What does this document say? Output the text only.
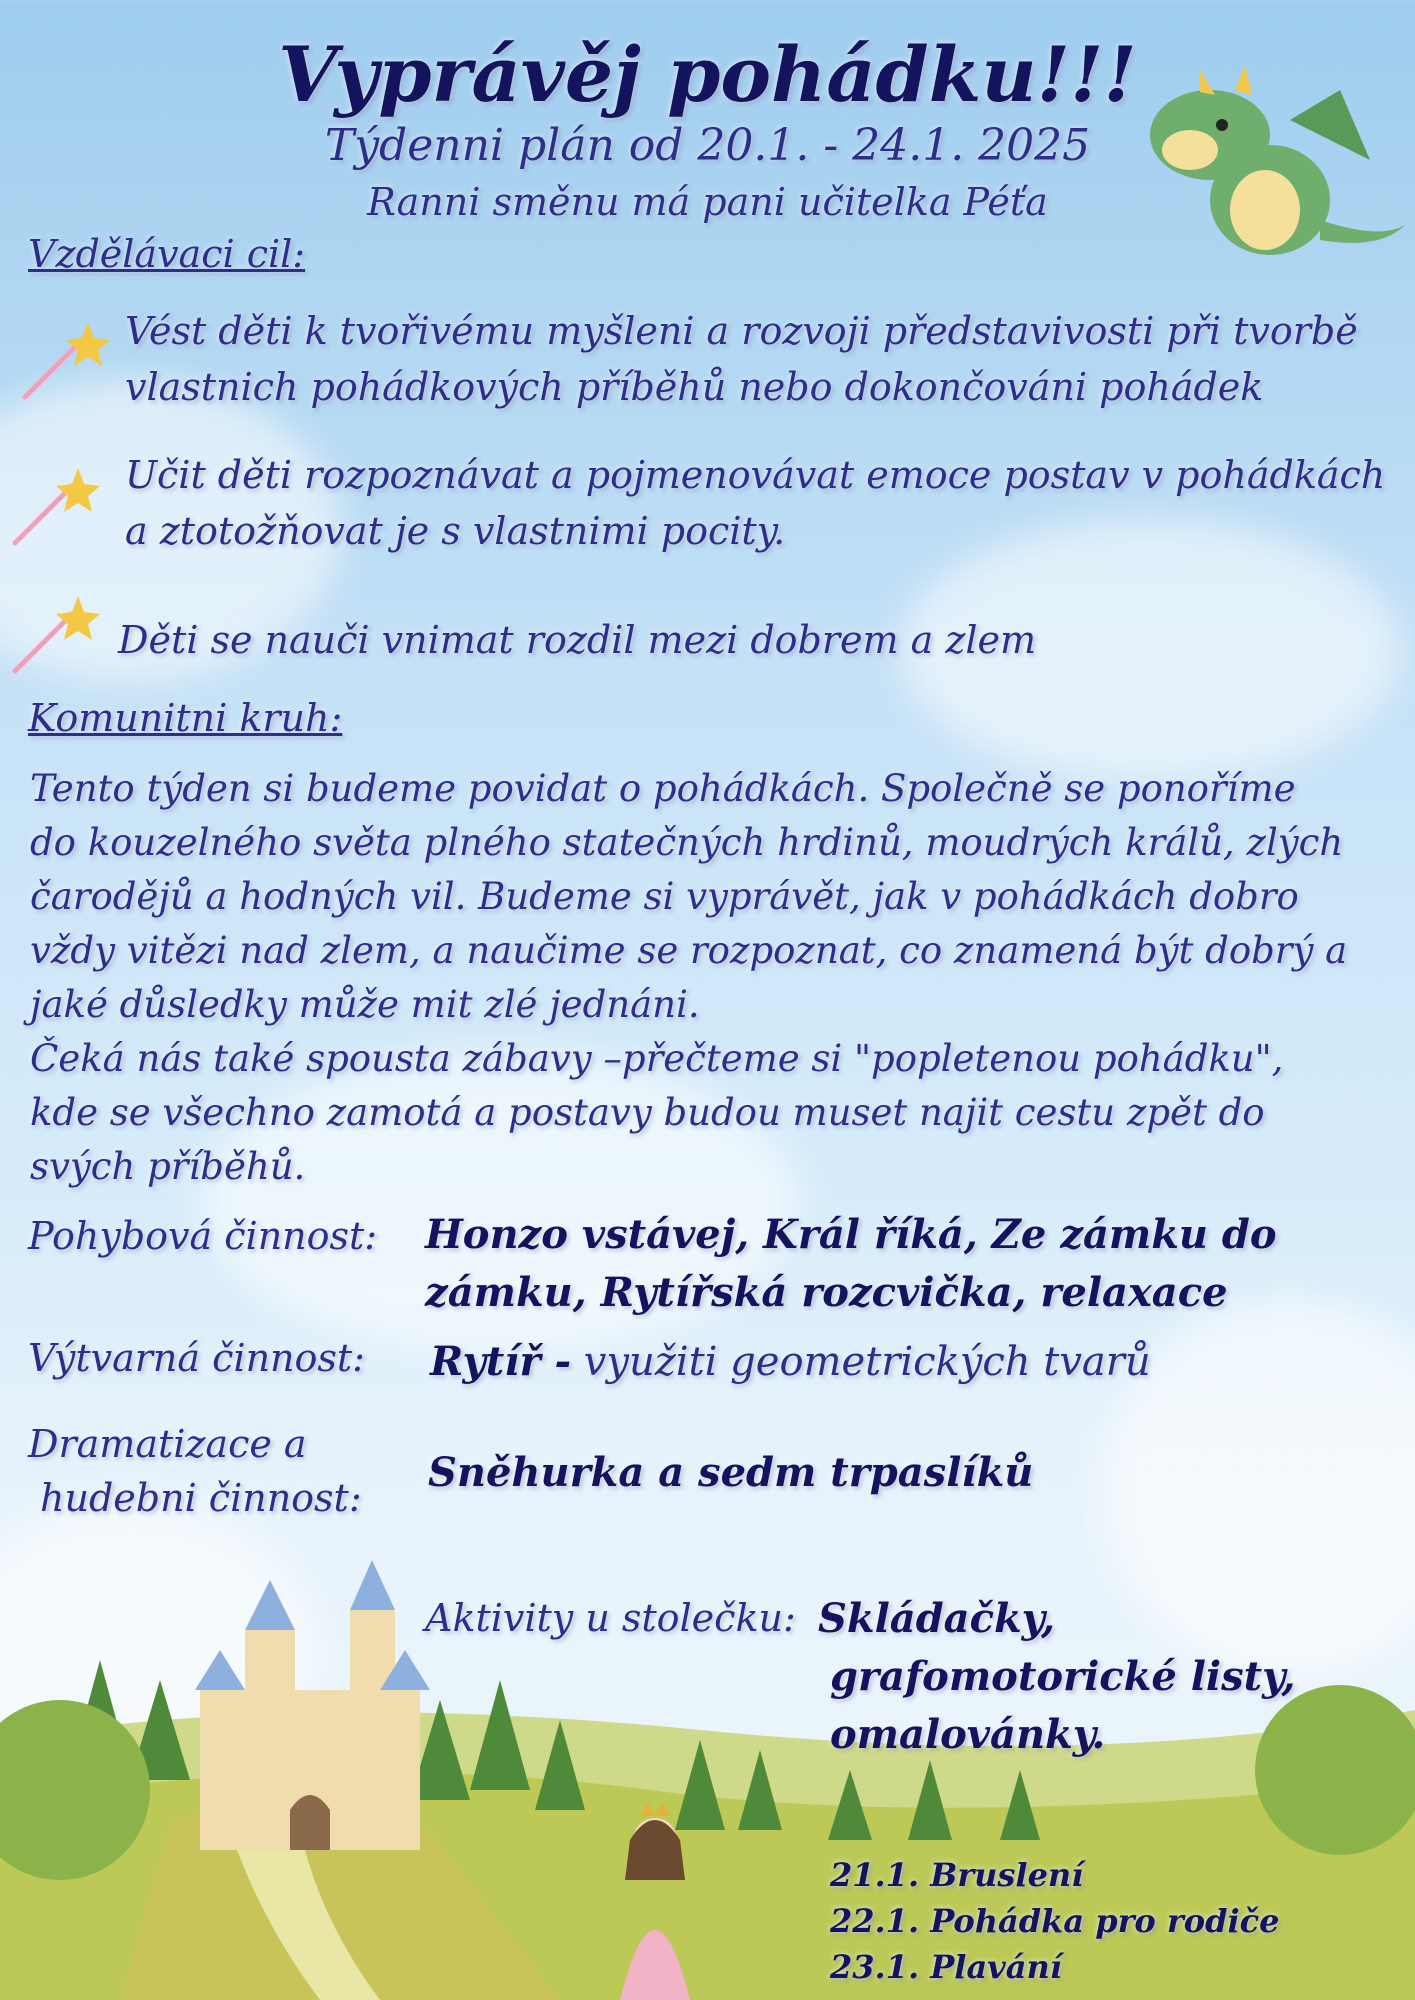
Vyprávěj pohádku!!!
Týdenni plán od 20.1. - 24.1. 2025
Ranni směnu má pani učitelka Péťa
Vzdělávaci cil:
Vést děti k tvořivému myšleni a rozvoji představivosti při tvorbě vlastnich pohádkových příběhů nebo dokončováni pohádek
Učit děti rozpoznávat a pojmenovávat emoce postav v pohádkách a ztotožňovat je s vlastnimi pocity.
Děti se nauči vnimat rozdil mezi dobrem a zlem
Komunitni kruh:

Tento týden si budeme povidat o pohádkách. Společně se ponoříme do kouzelného světa plného statečných hrdinů, moudrých králů, zlých čarodějů a hodných vil. Budeme si vyprávět, jak v pohádkách dobro vždy vitězi nad zlem, a naučime se rozpoznat, co znamená být dobrý a jaké důsledky může mit zlé jednáni.

Čeká nás také spousta zábavy –přečteme si "popletenou pohádku", kde se všechno zamotá a postavy budou muset najit cestu zpět do svých příběhů.

Pohybová činnost: Honzo vstávej, Král říká, Ze zámku do zámku, Rytířská rozcvička, relaxace
Výtvarná činnost: Rytíř - využiti geometrických tvarů
Dramatizace a
hudebni činnost:
Sněhurka a sedm trpaslíků
Aktivity u stolečku: Skládačky,
grafomotorické listy,
omalovánky.
21.1. Bruslení
22.1. Pohádka pro rodiče
23.1. Plavání
